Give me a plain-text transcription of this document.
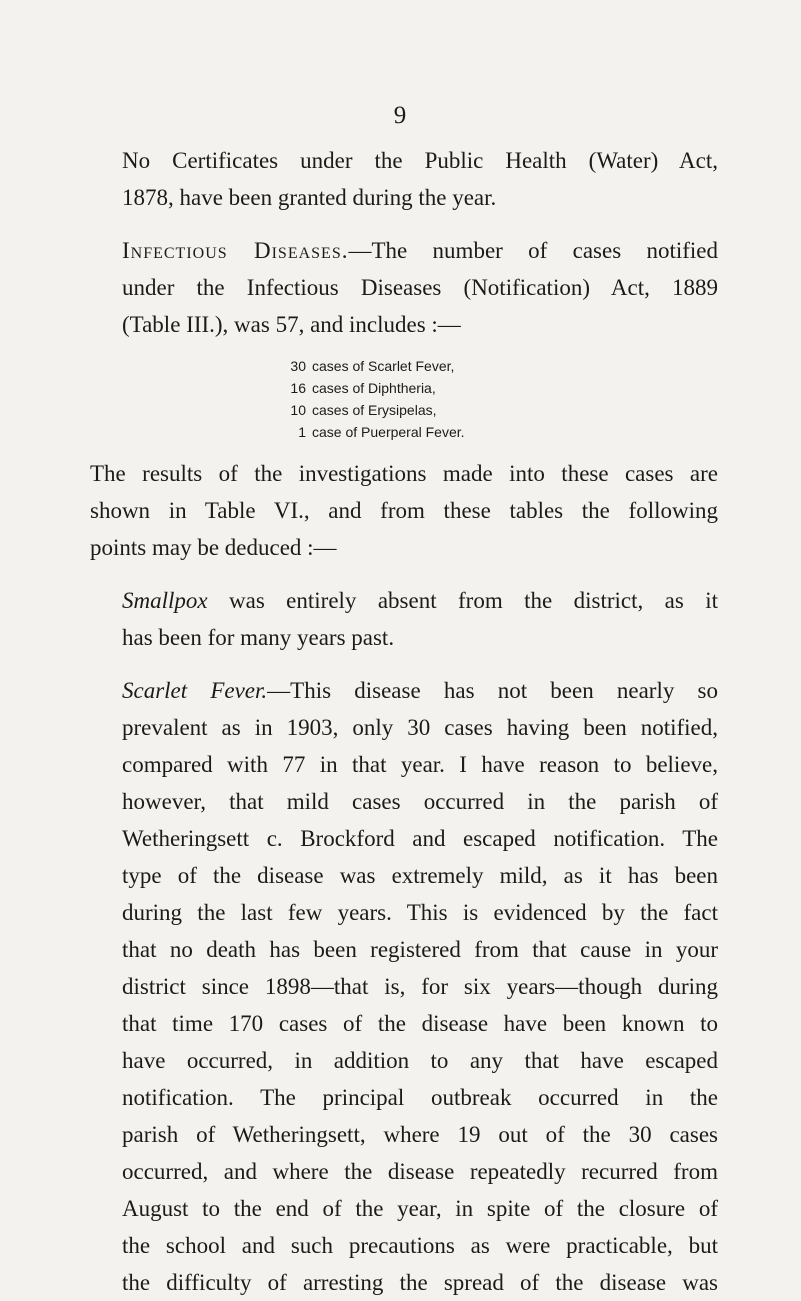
9

No Certificates under the Public Health (Water) Act,
1878, have been granted during the year.

Infectious Diseases.—The number of cases notified
under the Infectious Diseases (Notification) Act, 1889
(Table III.), was 57, and includes :—

30 cases of Scarlet Fever,
16 cases of Diphtheria,
10 cases of Erysipelas,
1 case of Puerperal Fever.

The results of the investigations made into these cases are
shown in Table VI., and from these tables the following
points may be deduced :—

Smallpox was entirely absent from the district, as it
has been for many years past.

Scarlet Fever.—This disease has not been nearly so
prevalent as in 1903, only 30 cases having been notified,
compared with 77 in that year. I have reason to believe,
however, that mild cases occurred in the parish of
Wetheringsett c. Brockford and escaped notification. The
type of the disease was extremely mild, as it has been
during the last few years. This is evidenced by the fact
that no death has been registered from that cause in your
district since 1898—that is, for six years—though during
that time 170 cases of the disease have been known to
have occurred, in addition to any that have escaped
notification. The principal outbreak occurred in the
parish of Wetheringsett, where 19 out of the 30 cases
occurred, and where the disease repeatedly recurred from
August to the end of the year, in spite of the closure of
the school and such precautions as were practicable, but
the difficulty of arresting the spread of the disease was
